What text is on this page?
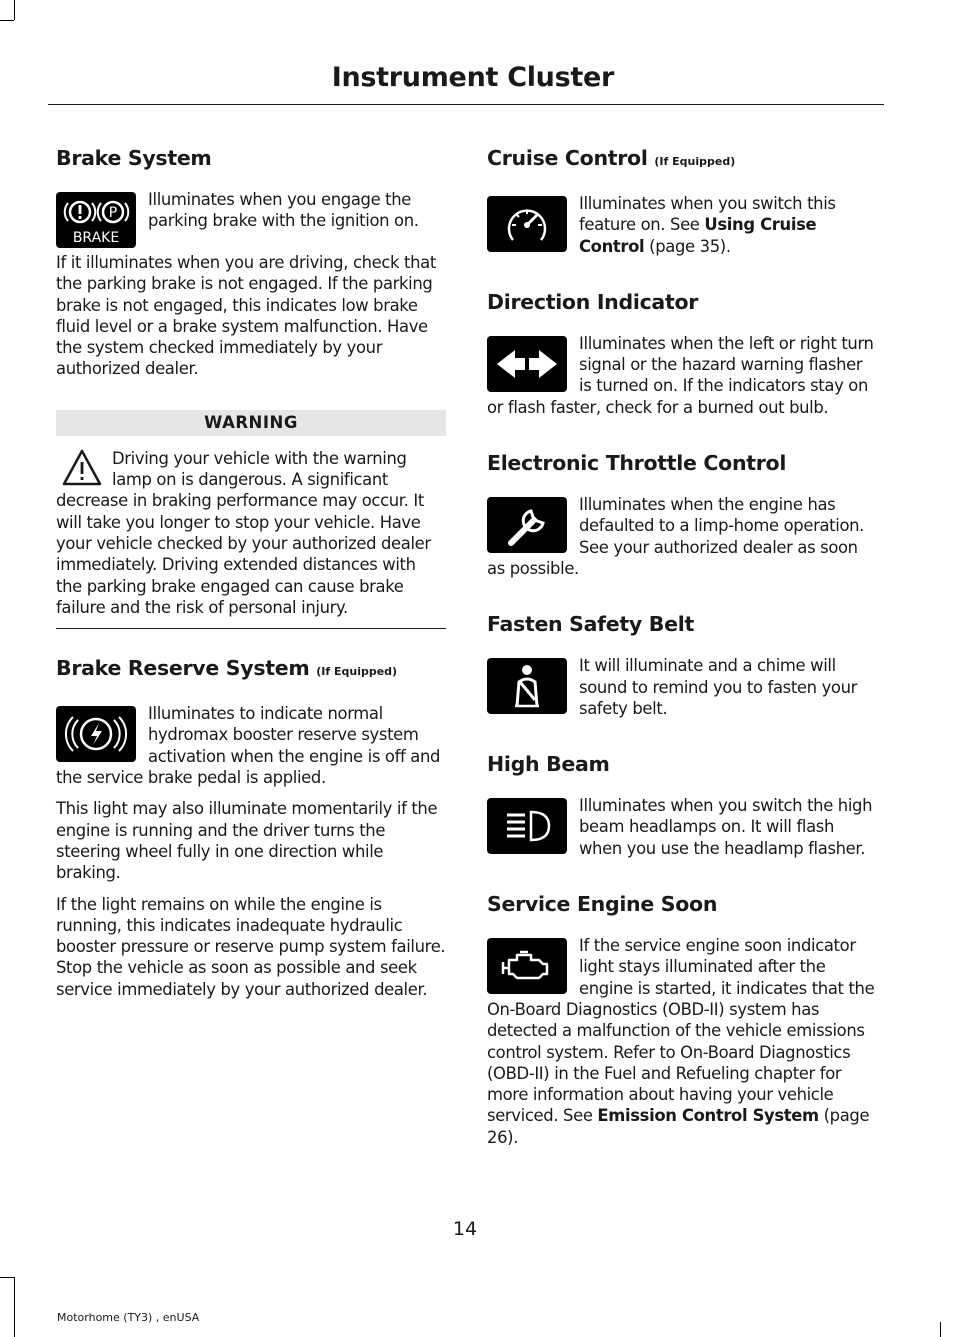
Instrument Cluster
Brake System
P
BRAKE

Illuminates when you engage the parking brake with the ignition on.

If it illuminates when you are driving, check that the parking brake is not engaged. If the parking brake is not engaged, this indicates low brake fluid level or a brake system malfunction. Have the system checked immediately by your authorized dealer.

WARNING

Driving your vehicle with the warning lamp on is dangerous. A significant decrease in braking performance may occur. It will take you longer to stop your vehicle. Have your vehicle checked by your authorized dealer immediately. Driving extended distances with the parking brake engaged can cause brake failure and the risk of personal injury.

Brake Reserve System (If Equipped)

Illuminates to indicate normal hydromax booster reserve system activation when the engine is off and the service brake pedal is applied.

This light may also illuminate momentarily if the engine is running and the driver turns the steering wheel fully in one direction while braking.

If the light remains on while the engine is running, this indicates inadequate hydraulic booster pressure or reserve pump system failure. Stop the vehicle as soon as possible and seek service immediately by your authorized dealer.

Cruise Control (If Equipped)

Illuminates when you switch this feature on. See Using Cruise Control (page 35).

Direction Indicator

Illuminates when the left or right turn signal or the hazard warning flasher is turned on. If the indicators stay on or flash faster, check for a burned out bulb.

Electronic Throttle Control

Illuminates when the engine has defaulted to a limp-home operation. See your authorized dealer as soon as possible.

Fasten Safety Belt

It will illuminate and a chime will sound to remind you to fasten your safety belt.

High Beam

Illuminates when you switch the high beam headlamps on. It will flash when you use the headlamp flasher.

Service Engine Soon

If the service engine soon indicator light stays illuminated after the engine is started, it indicates that the On-Board Diagnostics (OBD-II) system has detected a malfunction of the vehicle emissions control system. Refer to On-Board Diagnostics (OBD-II) in the Fuel and Refueling chapter for more information about having your vehicle serviced. See Emission Control System (page 26).

14
Motorhome (TY3) , enUSA
